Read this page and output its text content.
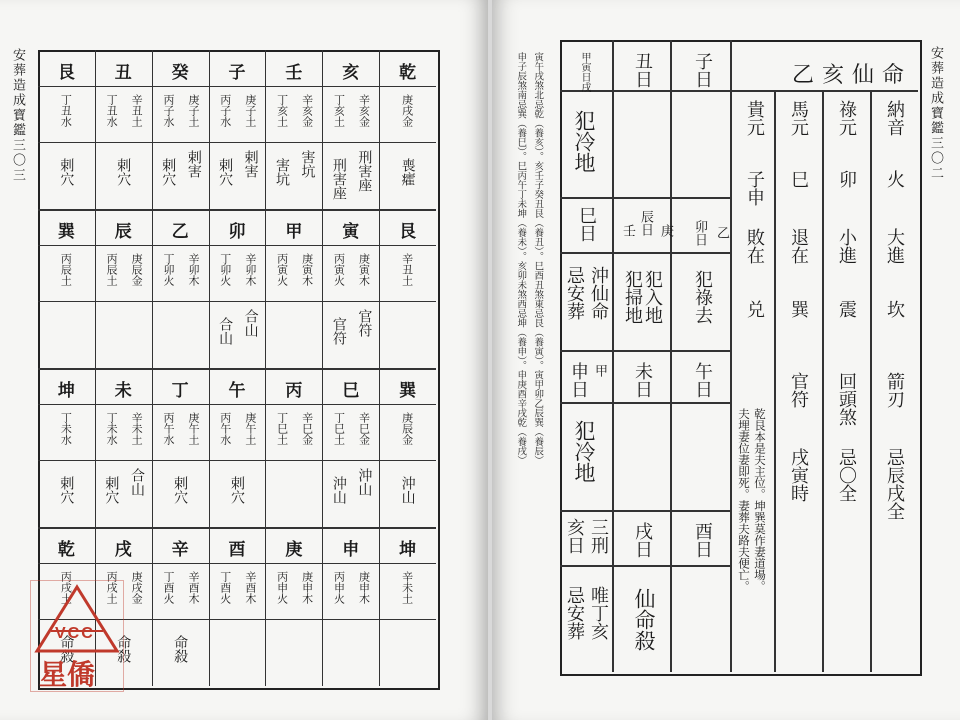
安葬造成寶鑑三〇三	艮
丁丑水
剌穴
丑
辛丑土
丁丑水
剌穴
癸
庚子土
丙子水
剌害
剌穴
子
庚子土
丙子水
剌害
剌穴
壬
辛亥金
丁亥土
害坑
害坑
亥
辛亥金
丁亥土
刑害座
刑害座
乾
庚戌金
喪癨
巽
丙辰土
辰
庚辰金
丙辰土
乙
辛卯木
丁卯火
卯
辛卯木
丁卯火
合山
合山
甲
庚寅木
丙寅火
寅
庚寅木
丙寅火
官符
官符
艮
辛丑土
坤
丁未水
剌穴
未
辛未土
丁未水
合山
剌穴
丁
庚午土
丙午水
剌穴
午
庚午土
丙午水
剌穴
丙
辛巳金
丁巳土
巳
辛巳金
丁巳土
沖山
沖山
巽
庚辰金
沖山
乾
丙戌土
命殺
戌
庚戌金
丙戌土
命殺
辛
辛酉木
丁酉火
命殺
酉
辛酉木
丁酉火
庚
庚申木
丙申火
申
庚申木
丙申火
坤
辛未土
VCC
星僑
安葬造成寶鑑三〇二
寅午戌煞北忌乾（養亥）。亥壬子癸丑艮（養丑）。巳酉丑煞東忌艮（養寅）。寅甲卯乙辰巽（養辰）
申子辰煞南忌巽（養巳）。巳丙午丁未坤（養未）。亥卯未煞西忌坤（養申）。申庚酉辛戌乾（養戌）	乙亥仙命
納音
火
大進
坎
箭刃
忌辰戌全
祿元
卯
小進
震
回頭煞
忌〇全
馬元
巳
退在
巽
官符
戌寅時
貴元
子申
敗在
兑
乾艮本是夫主位。坤巽莫作妻道場。
夫埋妻位妻即死。妻葬夫路夫便亡。
子日
丑日
甲寅日戌
犯冷地
卯日 乙
辰日
壬 庚
巳日
犯祿去
犯入地
犯掃地
沖仙命
忌安葬
午日
未日
甲
申日
犯冷地
酉日
戌日
三刑
亥日
仙命殺
唯丁亥
忌安葬
